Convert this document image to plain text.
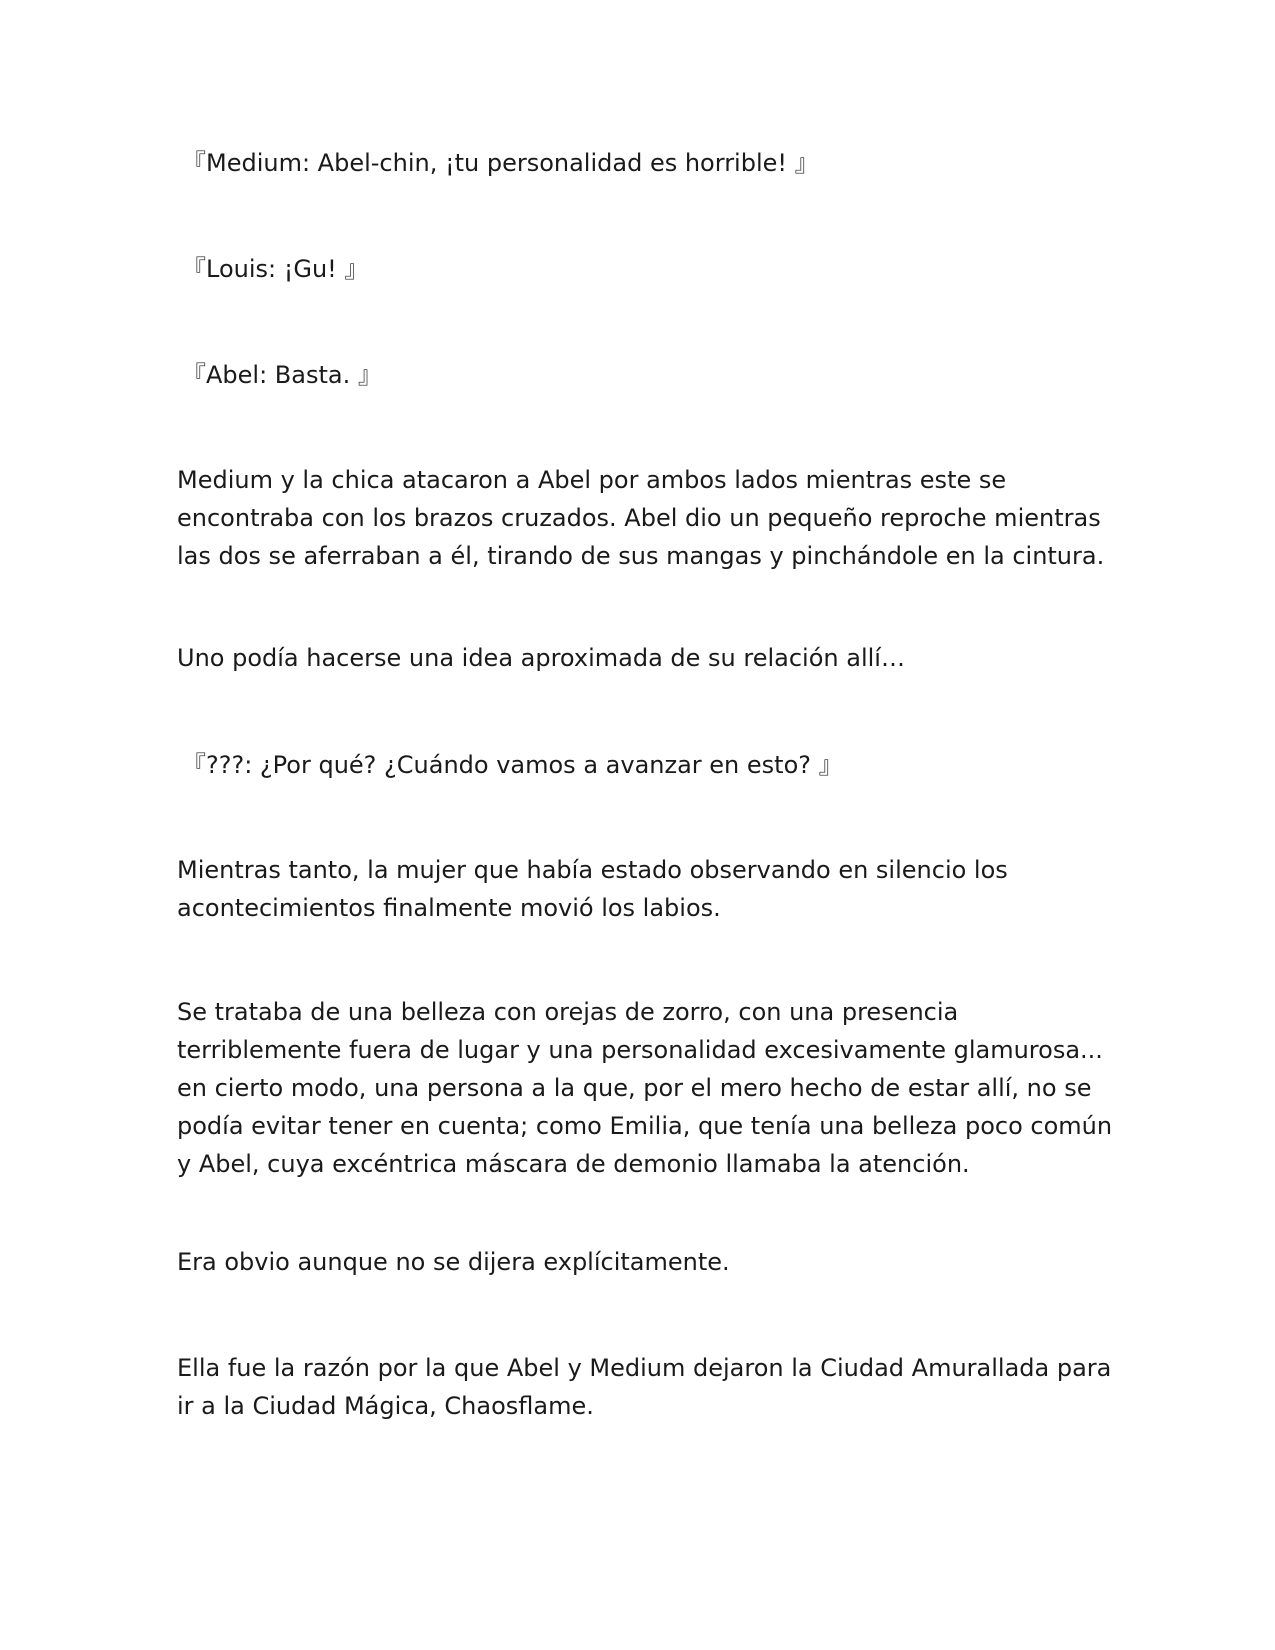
『Medium: Abel-chin, ¡tu personalidad es horrible! 』
『Louis: ¡Gu! 』
『Abel: Basta. 』
Medium y la chica atacaron a Abel por ambos lados mientras este se
encontraba con los brazos cruzados. Abel dio un pequeño reproche mientras
las dos se aferraban a él, tirando de sus mangas y pinchándole en la cintura.
Uno podía hacerse una idea aproximada de su relación allí…
『???: ¿Por qué? ¿Cuándo vamos a avanzar en esto? 』
Mientras tanto, la mujer que había estado observando en silencio los
acontecimientos finalmente movió los labios.
Se trataba de una belleza con orejas de zorro, con una presencia
terriblemente fuera de lugar y una personalidad excesivamente glamurosa...
en cierto modo, una persona a la que, por el mero hecho de estar allí, no se
podía evitar tener en cuenta; como Emilia, que tenía una belleza poco común
y Abel, cuya excéntrica máscara de demonio llamaba la atención.
Era obvio aunque no se dijera explícitamente.
Ella fue la razón por la que Abel y Medium dejaron la Ciudad Amurallada para
ir a la Ciudad Mágica, Chaosflame.
